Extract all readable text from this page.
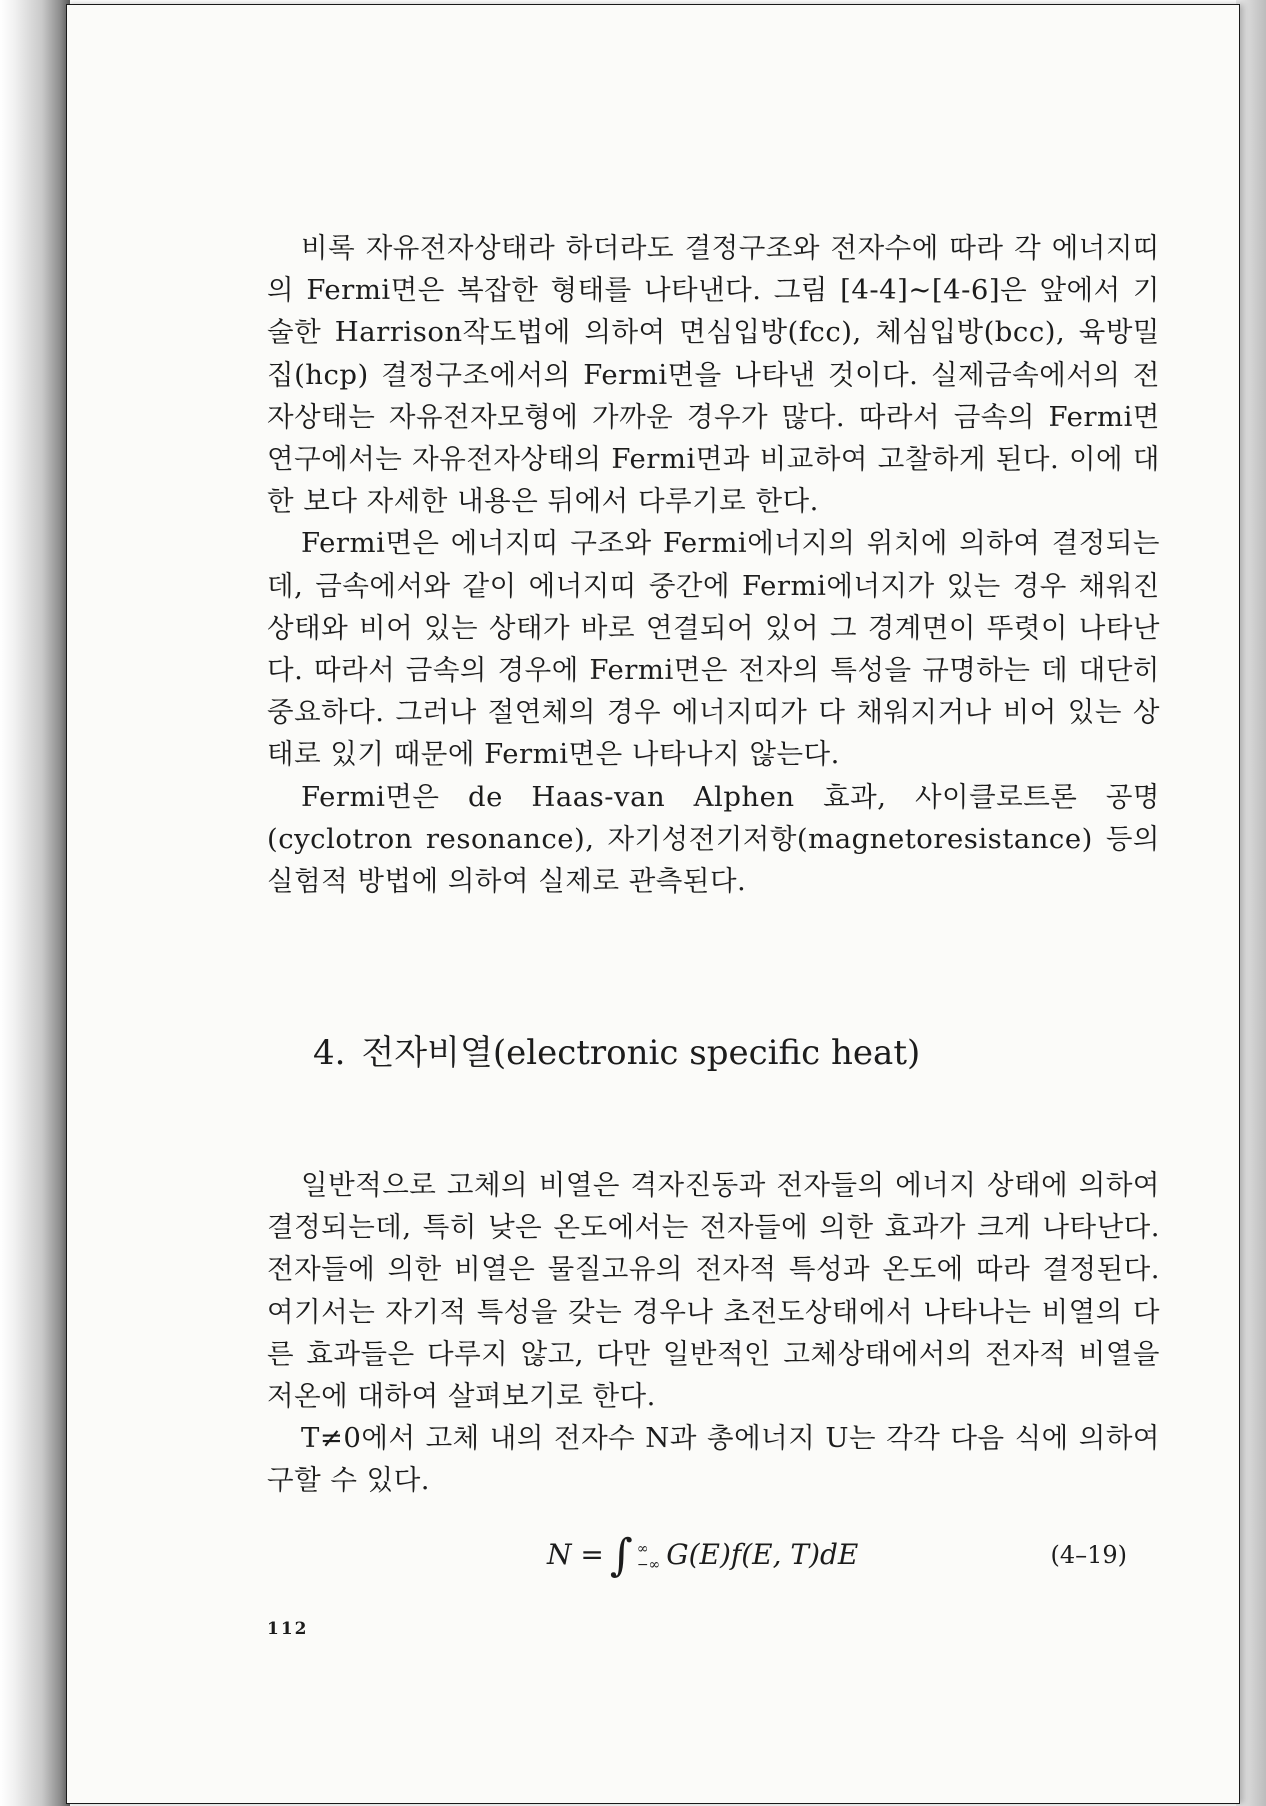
비록 자유전자상태라 하더라도 결정구조와 전자수에 따라 각 에너지띠의 Fermi면은 복잡한 형태를 나타낸다. 그림 [4-4]∼[4-6]은 앞에서 기술한 Harrison작도법에 의하여 면심입방(fcc), 체심입방(bcc), 육방밀집(hcp) 결정구조에서의 Fermi면을 나타낸 것이다. 실제금속에서의 전자상태는 자유전자모형에 가까운 경우가 많다. 따라서 금속의 Fermi면 연구에서는 자유전자상태의 Fermi면과 비교하여 고찰하게 된다. 이에 대한 보다 자세한 내용은 뒤에서 다루기로 한다.

Fermi면은 에너지띠 구조와 Fermi에너지의 위치에 의하여 결정되는데, 금속에서와 같이 에너지띠 중간에 Fermi에너지가 있는 경우 채워진 상태와 비어 있는 상태가 바로 연결되어 있어 그 경계면이 뚜렷이 나타난다. 따라서 금속의 경우에 Fermi면은 전자의 특성을 규명하는 데 대단히 중요하다. 그러나 절연체의 경우 에너지띠가 다 채워지거나 비어 있는 상태로 있기 때문에 Fermi면은 나타나지 않는다.

Fermi면은 de Haas-van Alphen 효과, 사이클로트론 공명(cyclotron resonance), 자기성전기저항(magnetoresistance) 등의 실험적 방법에 의하여 실제로 관측된다.

4. 전자비열(electronic specific heat)

일반적으로 고체의 비열은 격자진동과 전자들의 에너지 상태에 의하여 결정되는데, 특히 낮은 온도에서는 전자들에 의한 효과가 크게 나타난다. 전자들에 의한 비열은 물질고유의 전자적 특성과 온도에 따라 결정된다. 여기서는 자기적 특성을 갖는 경우나 초전도상태에서 나타나는 비열의 다른 효과들은 다루지 않고, 다만 일반적인 고체상태에서의 전자적 비열을 저온에 대하여 살펴보기로 한다.

T≠0에서 고체 내의 전자수 N과 총에너지 U는 각각 다음 식에 의하여 구할 수 있다.

N = ∫ ∞
−∞ G(E)f(E, T)dE	(4–19)
112
